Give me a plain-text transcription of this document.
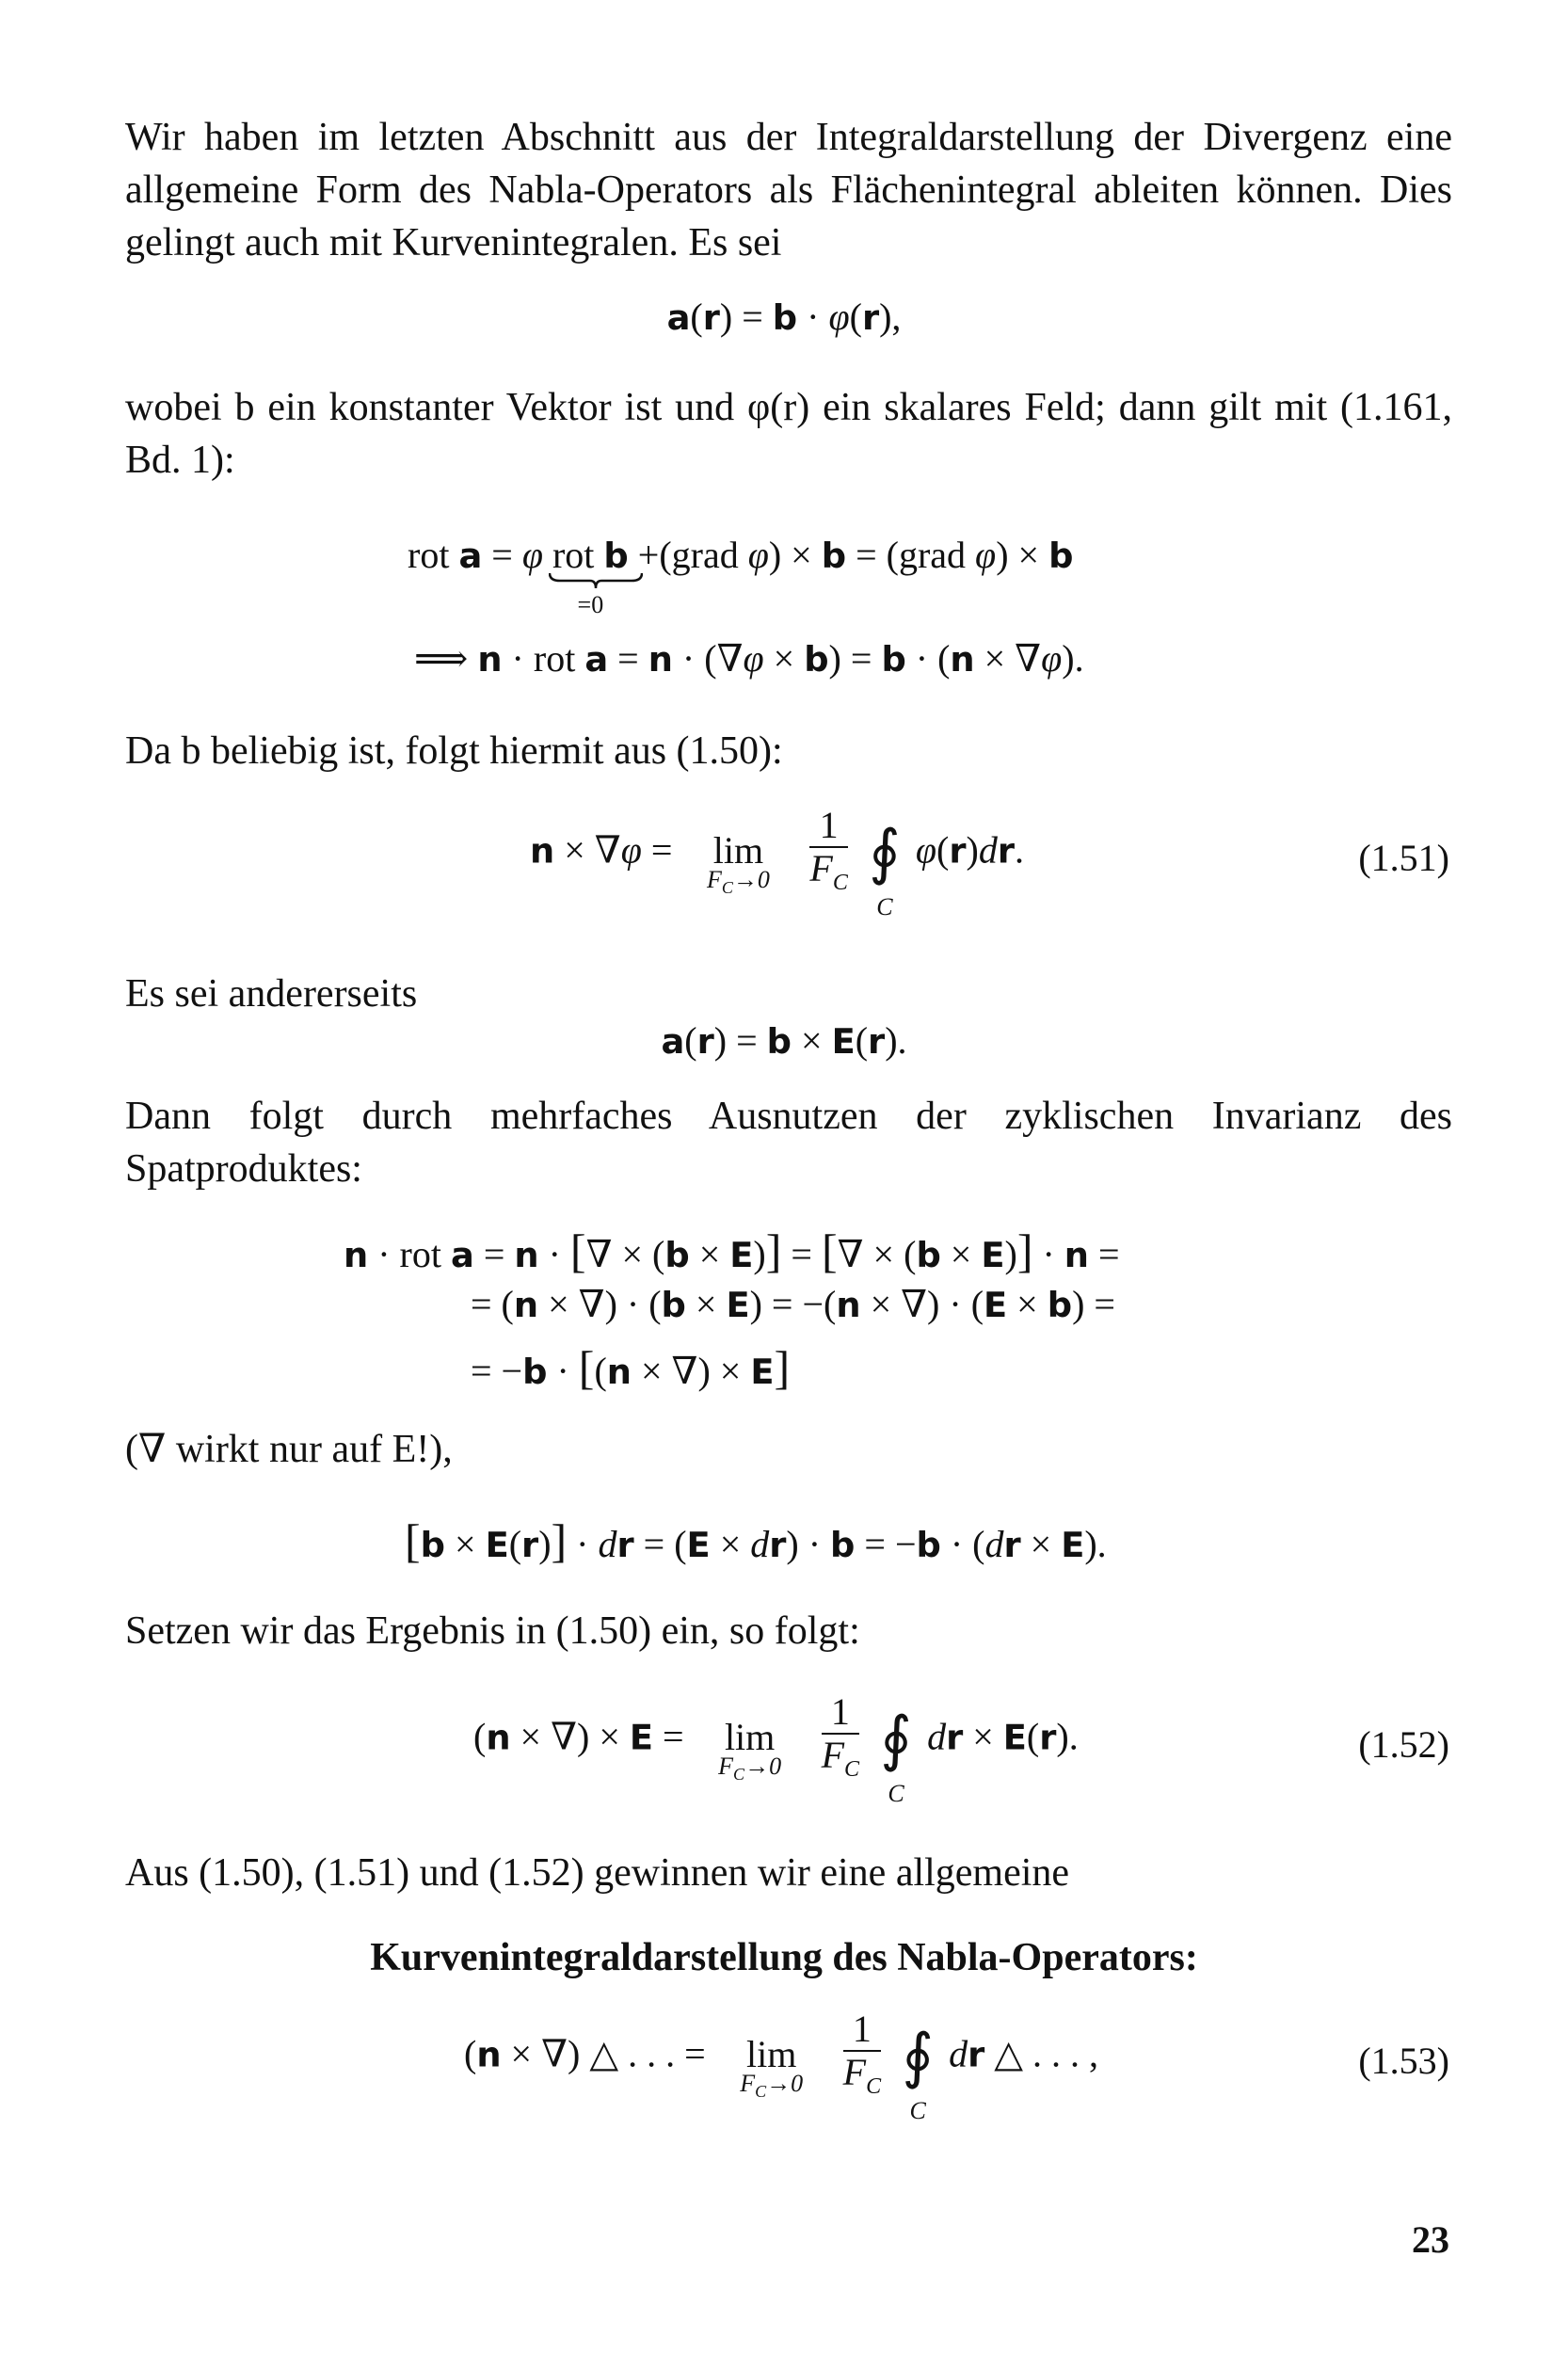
Wir haben im letzten Abschnitt aus der Integraldarstellung der Divergenz eine allgemeine Form des Nabla-Operators als Flächenintegral ableiten können. Dies gelingt auch mit Kurvenintegralen. Es sei
a(r) = b · φ(r),
wobei b ein konstanter Vektor ist und φ(r) ein skalares Feld; dann gilt mit (1.161, Bd. 1):
rot a = φ rot b
=0
+(grad φ) × b = (grad φ) × b
⟹ n · rot a = n · (∇φ × b) = b · (n × ∇φ).
Da b beliebig ist, folgt hiermit aus (1.50):
n × ∇φ = lim
$F_C\to 0$
	$\frac{1}{F_C}$ ∮
C
φ(r)dr.	(1.51)
Es sei andererseits
a(r) = b × E(r).
Dann folgt durch mehrfaches Ausnutzen der zyklischen Invarianz des Spatproduktes:
n · rot a = n · [∇ × (b × E)] = [∇ × (b × E)] · n =
= (n × ∇) · (b × E) = −(n × ∇) · (E × b) =
= −b · [(n × ∇) × E]
(∇ wirkt nur auf E!),
[b × E(r)] · dr = (E × dr) · b = −b · (dr × E).
Setzen wir das Ergebnis in (1.50) ein, so folgt:
(n × ∇) × E = lim
$F_C\to 0$
	$\frac{1}{F_C}$ ∮
C
dr × E(r).	(1.52)
Aus (1.50), (1.51) und (1.52) gewinnen wir eine allgemeine
Kurvenintegraldarstellung des Nabla-Operators:
(n × ∇) △ . . . = lim
$F_C\to 0$
	$\frac{1}{F_C}$ ∮
C
dr △ . . . ,	(1.53)
23
